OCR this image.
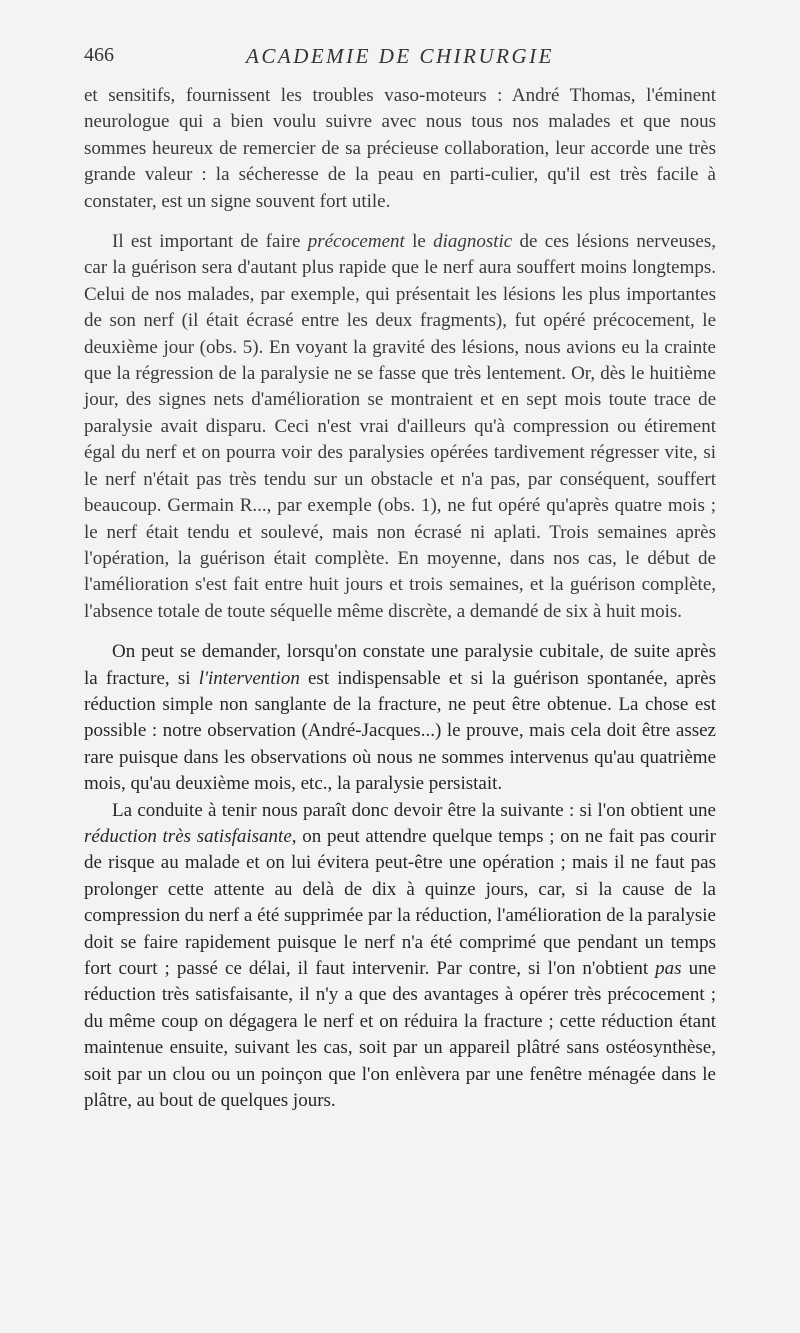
466	ACADEMIE DE CHIRURGIE

et sensitifs, fournissent les troubles vaso-moteurs : André Thomas, l'éminent neurologue qui a bien voulu suivre avec nous tous nos malades et que nous sommes heureux de remercier de sa précieuse collaboration, leur accorde une très grande valeur : la sécheresse de la peau en parti-culier, qu'il est très facile à constater, est un signe souvent fort utile.

Il est important de faire précocement le diagnostic de ces lésions nerveuses, car la guérison sera d'autant plus rapide que le nerf aura souffert moins longtemps. Celui de nos malades, par exemple, qui présentait les lésions les plus importantes de son nerf (il était écrasé entre les deux fragments), fut opéré précocement, le deuxième jour (obs. 5). En voyant la gravité des lésions, nous avions eu la crainte que la régression de la paralysie ne se fasse que très lentement. Or, dès le huitième jour, des signes nets d'amélioration se montraient et en sept mois toute trace de paralysie avait disparu. Ceci n'est vrai d'ailleurs qu'à compression ou étirement égal du nerf et on pourra voir des paralysies opérées tardivement régresser vite, si le nerf n'était pas très tendu sur un obstacle et n'a pas, par conséquent, souffert beaucoup. Germain R..., par exemple (obs. 1), ne fut opéré qu'après quatre mois ; le nerf était tendu et soulevé, mais non écrasé ni aplati. Trois semaines après l'opération, la guérison était complète. En moyenne, dans nos cas, le début de l'amélioration s'est fait entre huit jours et trois semaines, et la guérison complète, l'absence totale de toute séquelle même discrète, a demandé de six à huit mois.

On peut se demander, lorsqu'on constate une paralysie cubitale, de suite après la fracture, si l'intervention est indispensable et si la guérison spontanée, après réduction simple non sanglante de la fracture, ne peut être obtenue. La chose est possible : notre observation (André-Jacques...) le prouve, mais cela doit être assez rare puisque dans les observations où nous ne sommes intervenus qu'au quatrième mois, qu'au deuxième mois, etc., la paralysie persistait.

La conduite à tenir nous paraît donc devoir être la suivante : si l'on obtient une réduction très satisfaisante, on peut attendre quelque temps ; on ne fait pas courir de risque au malade et on lui évitera peut-être une opération ; mais il ne faut pas prolonger cette attente au delà de dix à quinze jours, car, si la cause de la compression du nerf a été supprimée par la réduction, l'amélioration de la paralysie doit se faire rapidement puisque le nerf n'a été comprimé que pendant un temps fort court ; passé ce délai, il faut intervenir. Par contre, si l'on n'obtient pas une réduction très satisfaisante, il n'y a que des avantages à opérer très précocement ; du même coup on dégagera le nerf et on réduira la fracture ; cette réduction étant maintenue ensuite, suivant les cas, soit par un appareil plâtré sans ostéosynthèse, soit par un clou ou un poinçon que l'on enlèvera par une fenêtre ménagée dans le plâtre, au bout de quelques jours.
